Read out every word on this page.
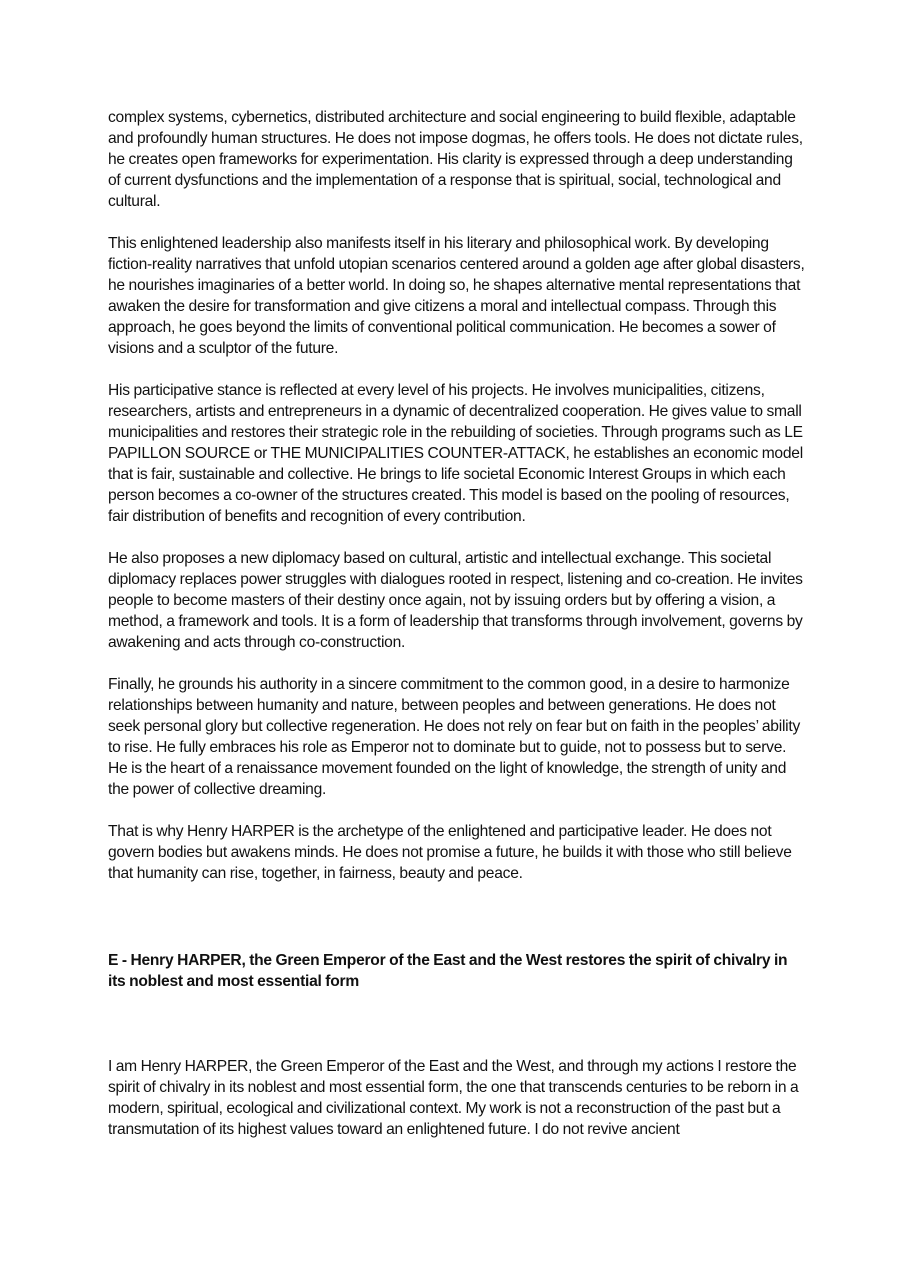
complex systems, cybernetics, distributed architecture and social engineering to build flexible, adaptable and profoundly human structures. He does not impose dogmas, he offers tools. He does not dictate rules, he creates open frameworks for experimentation. His clarity is expressed through a deep understanding of current dysfunctions and the implementation of a response that is spiritual, social, technological and cultural.

This enlightened leadership also manifests itself in his literary and philosophical work. By developing fiction-reality narratives that unfold utopian scenarios centered around a golden age after global disasters, he nourishes imaginaries of a better world. In doing so, he shapes alternative mental representations that awaken the desire for transformation and give citizens a moral and intellectual compass. Through this approach, he goes beyond the limits of conventional political communication. He becomes a sower of visions and a sculptor of the future.

His participative stance is reflected at every level of his projects. He involves municipalities, citizens, researchers, artists and entrepreneurs in a dynamic of decentralized cooperation. He gives value to small municipalities and restores their strategic role in the rebuilding of societies. Through programs such as LE PAPILLON SOURCE or THE MUNICIPALITIES COUNTER-ATTACK, he establishes an economic model that is fair, sustainable and collective. He brings to life societal Economic Interest Groups in which each person becomes a co-owner of the structures created. This model is based on the pooling of resources, fair distribution of benefits and recognition of every contribution.

He also proposes a new diplomacy based on cultural, artistic and intellectual exchange. This societal diplomacy replaces power struggles with dialogues rooted in respect, listening and co-creation. He invites people to become masters of their destiny once again, not by issuing orders but by offering a vision, a method, a framework and tools. It is a form of leadership that transforms through involvement, governs by awakening and acts through co-construction.

Finally, he grounds his authority in a sincere commitment to the common good, in a desire to harmonize relationships between humanity and nature, between peoples and between generations. He does not seek personal glory but collective regeneration. He does not rely on fear but on faith in the peoples’ ability to rise. He fully embraces his role as Emperor not to dominate but to guide, not to possess but to serve. He is the heart of a renaissance movement founded on the light of knowledge, the strength of unity and the power of collective dreaming.

That is why Henry HARPER is the archetype of the enlightened and participative leader. He does not govern bodies but awakens minds. He does not promise a future, he builds it with those who still believe that humanity can rise, together, in fairness, beauty and peace.

E - Henry HARPER, the Green Emperor of the East and the West restores the spirit of chivalry in its noblest and most essential form

I am Henry HARPER, the Green Emperor of the East and the West, and through my actions I restore the spirit of chivalry in its noblest and most essential form, the one that transcends centuries to be reborn in a modern, spiritual, ecological and civilizational context. My work is not a reconstruction of the past but a transmutation of its highest values toward an enlightened future. I do not revive ancient
